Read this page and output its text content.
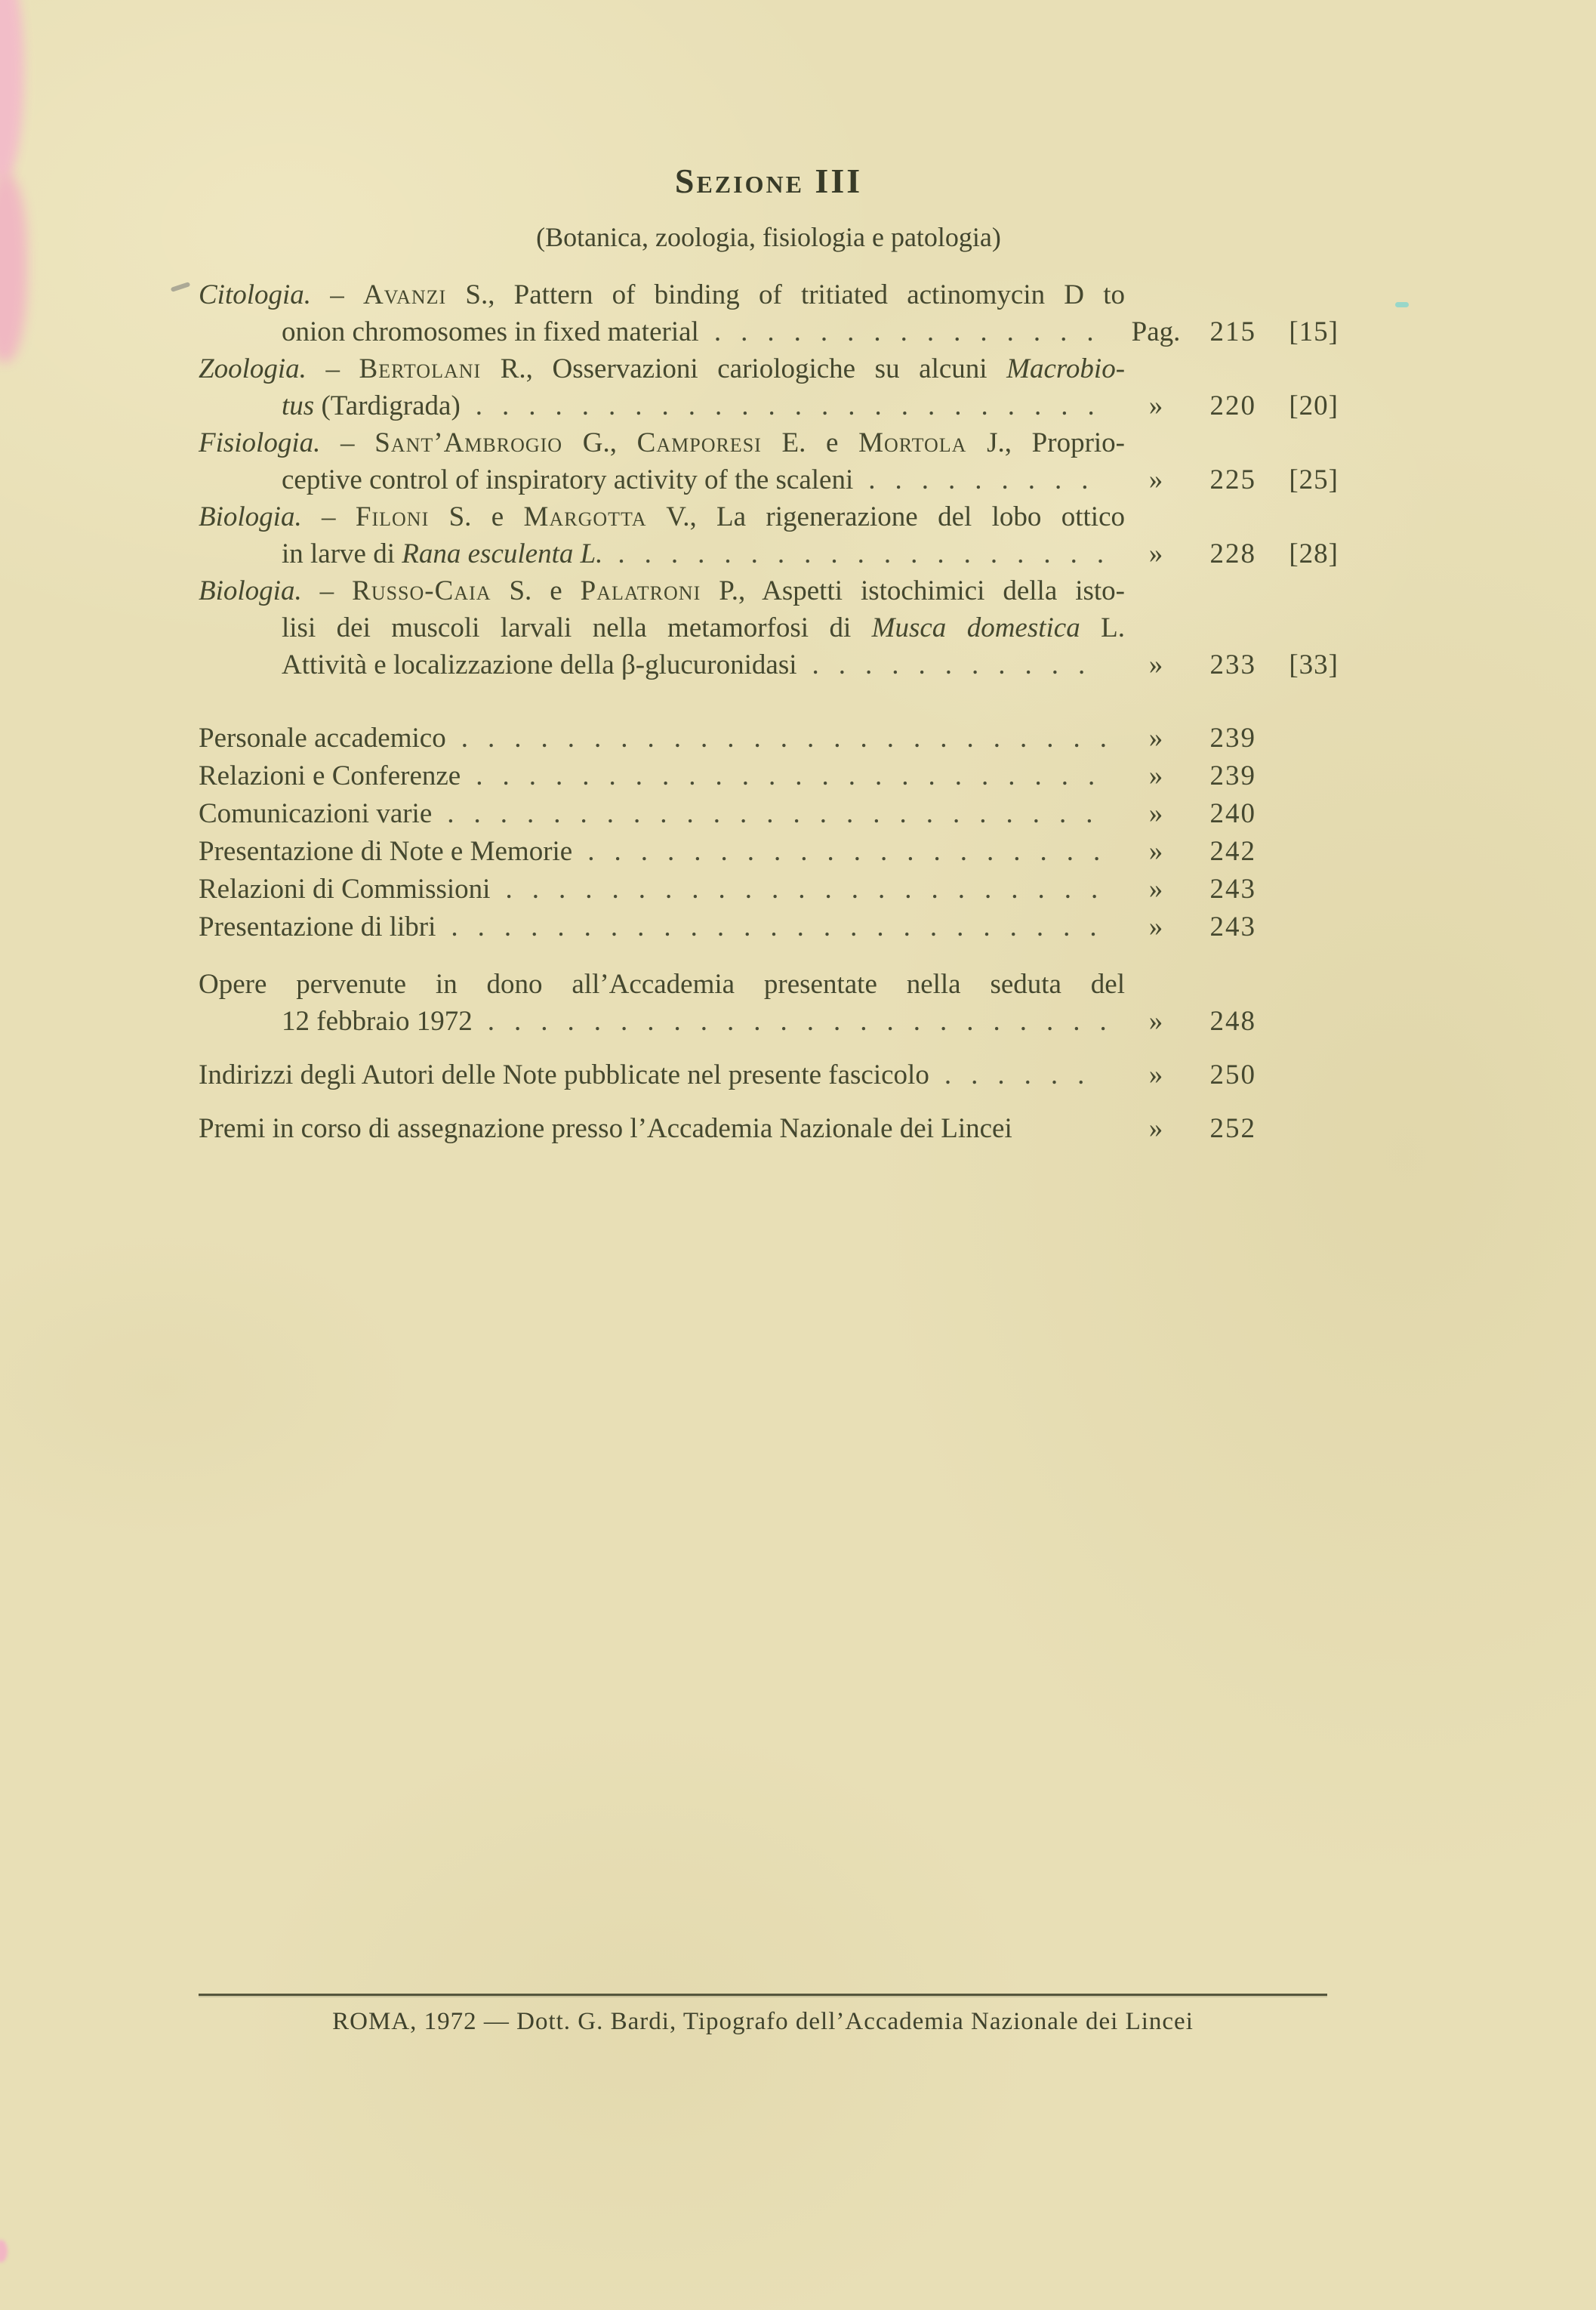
Sezione III
(Botanica, zoologia, fisiologia e patologia)
Citologia. – Avanzi S., Pattern of binding of tritiated actinomycin D to
onion chromosomes in fixed material .....	Pag.	215	[15]
Zoologia. – Bertolani R., Osservazioni cariologiche su alcuni Macrobio-
tus (Tardigrada) .....	»	220	[20]
Fisiologia. – Sant’Ambrogio G., Camporesi E. e Mortola J., Proprio-
ceptive control of inspiratory activity of the scaleni .....	»	225	[25]
Biologia. – Filoni S. e Margotta V., La rigenerazione del lobo ottico
in larve di Rana esculenta L. .....	»	228	[28]
Biologia. – Russo-Caia S. e Palatroni P., Aspetti istochimici della isto-
lisi dei muscoli larvali nella metamorfosi di Musca domestica L.
Attività e localizzazione della β-glucuronidasi .....	»	233	[33]
Personale accademico .....	»	239
Relazioni e Conferenze .....	»	239
Comunicazioni varie .....	»	240
Presentazione di Note e Memorie .....	»	242
Relazioni di Commissioni .....	»	243
Presentazione di libri .....	»	243
Opere pervenute in dono all’Accademia presentate nella seduta del
12 febbraio 1972 .....	»	248
Indirizzi degli Autori delle Note pubblicate nel presente fascicolo .....	»	250
Premi in corso di assegnazione presso l’Accademia Nazionale dei Lincei	»	252
ROMA, 1972 — Dott. G. Bardi, Tipografo dell’Accademia Nazionale dei Lincei
